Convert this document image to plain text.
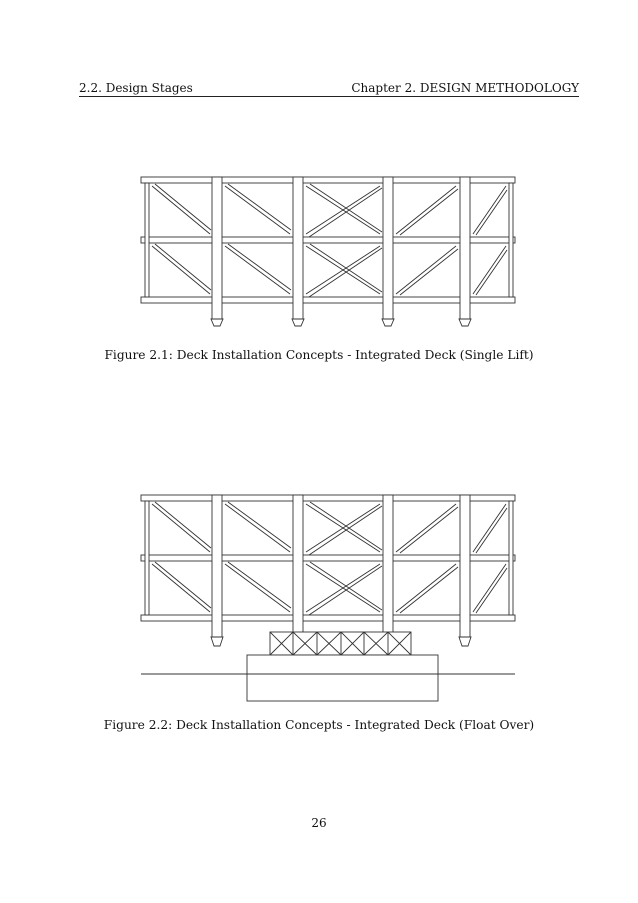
2.2. Design Stages	Chapter 2. DESIGN METHODOLOGY
Figure 2.1: Deck Installation Concepts - Integrated Deck (Single Lift)
Figure 2.2: Deck Installation Concepts - Integrated Deck (Float Over)
26
